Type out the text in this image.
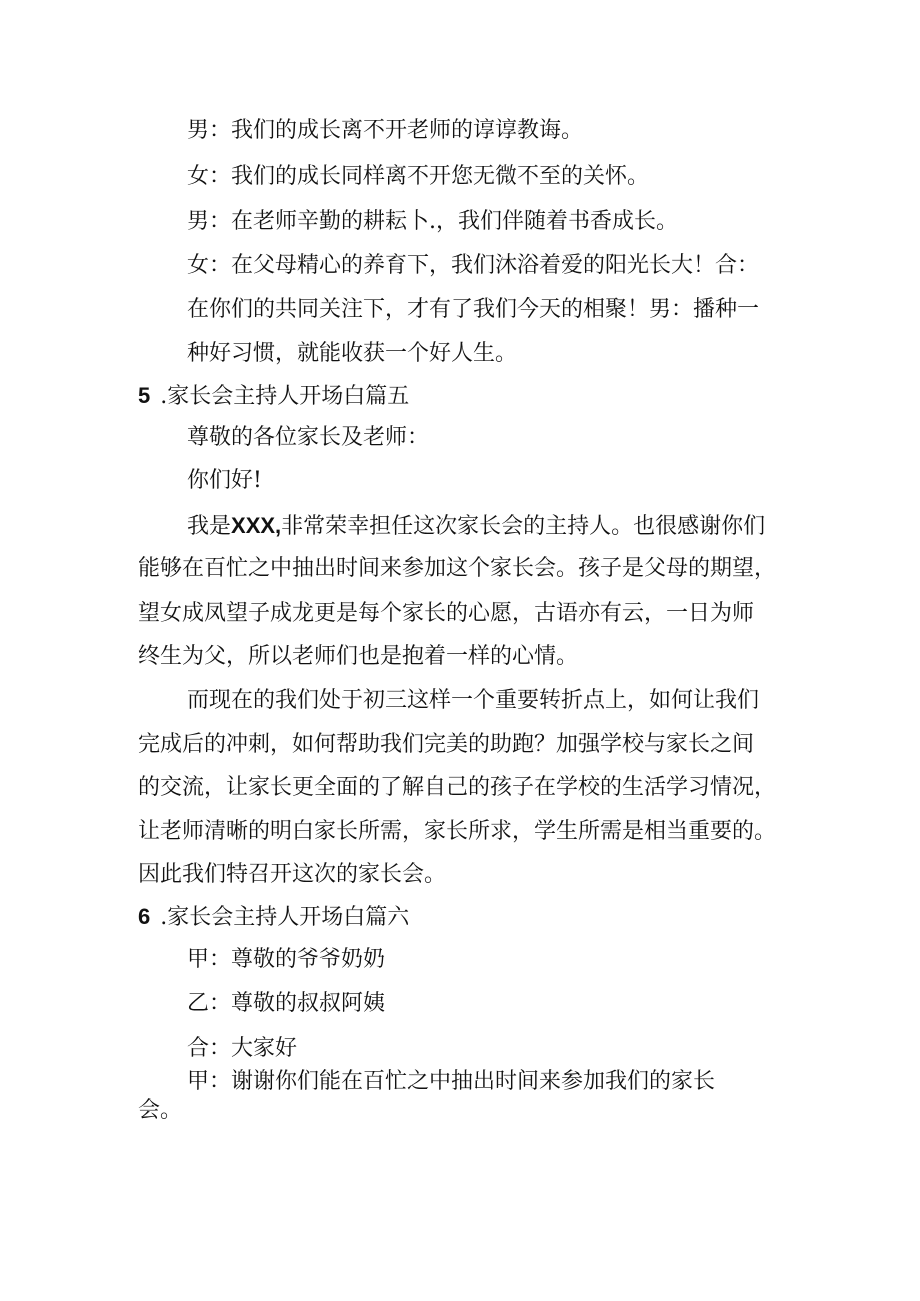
男：我们的成长离不开老师的谆谆教诲。

女：我们的成长同样离不开您无微不至的关怀。

男：在老师辛勤的耕耘卜.，我们伴随着书香成长。

女：在父母精心的养育下，我们沐浴着爱的阳光长大！合：

在你们的共同关注下，才有了我们今天的相聚！男：播种一

种好习惯，就能收获一个好人生。

5 .家长会主持人开场白篇五

尊敬的各位家长及老师：

你们好!

我是XXX,非常荣幸担任这次家长会的主持人。也很感谢你们

能够在百忙之中抽出时间来参加这个家长会。孩子是父母的期望，

望女成凤望子成龙更是每个家长的心愿，古语亦有云，一日为师

终生为父，所以老师们也是抱着一样的心情。

而现在的我们处于初三这样一个重要转折点上，如何让我们

完成后的冲刺，如何帮助我们完美的助跑？加强学校与家长之间

的交流，让家长更全面的了解自己的孩子在学校的生活学习情况，

让老师清晰的明白家长所需，家长所求，学生所需是相当重要的。

因此我们特召开这次的家长会。

6 .家长会主持人开场白篇六

甲：尊敬的爷爷奶奶

乙：尊敬的叔叔阿姨

合：大家好

甲：谢谢你们能在百忙之中抽出时间来参加我们的家长

会。
